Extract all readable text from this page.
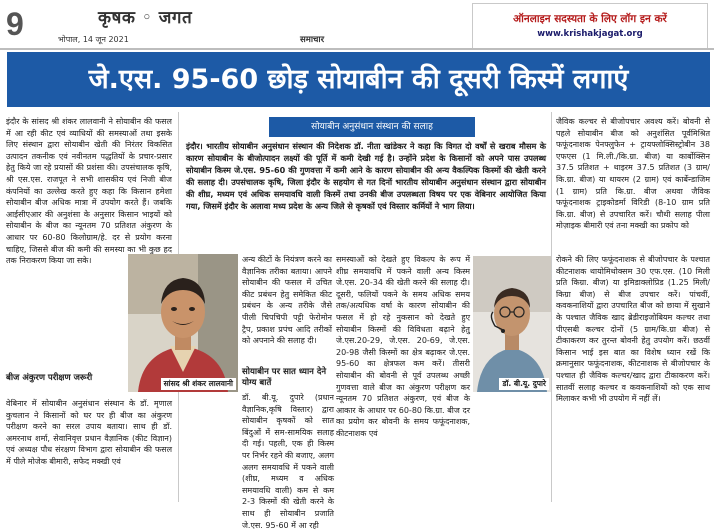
9	कृषक ◦ जगत
भोपाल, 14 जून 2021	समाचार
ऑनलाइन सदस्यता के लिए लॉग इन करें
www.krishakjagat.org
जे.एस. 95-60 छोड़ सोयाबीन की दूसरी किस्में लगाएं
सोयाबीन अनुसंधान संस्थान की सलाह
इंदौर। भारतीय सोयाबीन अनुसंधान संस्थान की निदेशक डॉ. नीता खांडेकर ने कहा कि विगत दो वर्षों से खराब मौसम के कारण सोयाबीन के बीजोत्पादन लक्ष्यों की पूर्ति में कमी देखी गई है। उन्होंने प्रदेश के किसानों को अपने पास उपलब्ध सोयाबीन किस्म जे.एस. 95-60 की गुणवत्ता में कमी आने के कारण सोयाबीन की अन्य वैकल्पिक किस्मों की खेती करने की सलाह दी। उपसंचालक कृषि, जिला इंदौर के सहयोग से गत दिनों भारतीय सोयाबीन अनुसंधान संस्थान द्वारा सोयाबीन की शीघ्र, मध्यम एवं अधिक समयावधि वाली किस्में तथा उनकी बीज उपलब्धता विषय पर एक वेबिनार आयोजित किया गया, जिसमें इंदौर के अलावा मध्य प्रदेश के अन्य जिले से कृषकों एवं विस्तार कर्मियों ने भाग लिया।
इंदौर के सांसद श्री शंकर लालवानी ने सोयाबीन की फसल में आ रही कीट एवं व्याधियों की समस्याओं तथा इसके लिए संस्थान द्वारा सोयाबीन खेती की निरंतर विकसित उत्पादन तकनीक एवं नवीनतम पद्धतियों के प्रचार-प्रसार हेतु किये जा रहे प्रयासों की प्रशंसा की। उपसंचालक कृषि, श्री एस.एस. राजपूत ने सभी शासकीय एवं निजी बीज कंपनियों का उल्लेख करते हुए कहा कि किसान हमेशा सोयाबीन बीज अधिक मात्रा में उपयोग करते हैं। जबकि आईसीएआर की अनुशंसा के अनुसार किसान भाइयों को सोयाबीन के बीज का न्यूनतम 70 प्रतिशत अंकुरण के आधार पर 60-80 किलोग्राम/हे. दर से प्रयोग करना चाहिए, जिससे बीज की कमी की समस्या का भी कुछ हद तक निराकरण किया जा सके।
बीज अंकुरण परीक्षण जरूरी
वेबिनार में सोयाबीन अनुसंधान संस्थान के डॉ. मृणाल कुचलान ने किसानों को घर पर ही बीज का अंकुरण परीक्षण करने का सरल उपाय बताया। साथ ही डॉ. अमरनाथ शर्मा, सेवानिवृत्त प्रधान वैज्ञानिक (कीट विज्ञान) एवं अध्यक्ष पौध संरक्षण विभाग द्वारा सोयाबीन की फसल में पीले मोजेक बीमारी, सफेद मक्खी एवं
सांसद श्री शंकर लालवानी
अन्य कीटों के नियंत्रण करने का वैज्ञानिक तरीका बताया। आपने सोयाबीन की फसल में उचित कीट प्रबंधन हेतु समेकित कीट प्रबंधन के अन्य तरीके जैसे पीली चिपचिपी पट्टी फेरोमोन ट्रैप, प्रकाश प्रपंच आदि तरीकों को अपनाने की सलाह दी।
सोयाबीन पर सात ध्यान देने योग्य बातें
डॉ. बी.यू. दुपारे (प्रधान वैज्ञानिक,कृषि विस्तार) द्वारा सोयाबीन कृषकों को सात बिंदुओं में सम-सामयिक सलाह दी गई। पहली, एक ही किस्म पर निर्भर रहने की बजाए, अलग अलग समयावधि में पकने वाली (शीघ्र, मध्यम व अधिक समयावधि वाली) कम से कम 2-3 किस्मों की खेती करने के साथ ही सोयाबीन प्रजाति जे.एस. 95-60 में आ रही
समस्याओं को देखते हुए विकल्प के रूप में शीघ्र समयावधि में पकने वाली अन्य किस्म जे.एस. 20-34 की खेती करने की सलाह दी। दूसरी, फलियों पकने के समय अधिक समय तक/अत्यधिक वर्षा के कारण सोयाबीन की फसल में हो रहे नुकसान को देखते हुए सोयाबीन किस्मों की विविधता बढ़ाने हेतु जे.एस.20-29, जे.एस. 20-69, जे.एस. 20-98 जैसी किस्मों का क्षेत्र बढ़ाकर जे.एस. 95-60 का क्षेत्रफल कम करें। तीसरी सोयाबीन की बोवनी से पूर्व उपलब्ध अच्छी गुणवत्ता वाले बीज का अंकुरण परीक्षण कर न्यूनतम 70 प्रतिशत अंकुरण, एवं बीज के आकार के आधार पर 60-80 कि.ग्रा. बीज दर का प्रयोग कर बोवनी के समय फफूंदनाशक, कीटनाशक एवं
डॉ. बी.यू. दुपारे
जैविक कल्चर से बीजोपचार अवश्य करें। बोवनी से पहले सोयाबीन बीज को अनुशंसित पूर्वमिश्रित फफूंदनाशक पेनफ्लुफेन + ट्रायफ्लोक्सिस्ट्रोबीन 38 एफएस (1 मि.ली./कि.ग्रा. बीज) या कार्बोक्सिन 37.5 प्रतिशत + थाइरम 37.5 प्रतिशत (3 ग्राम/कि.ग्रा. बीज) या थायरम (2 ग्राम) एवं कार्बेन्डाजिम (1 ग्राम) प्रति कि.ग्रा. बीज अथवा जैविक फफूंदनाशक ट्राइकोडर्मा विरिडी (8-10 ग्राम प्रति कि.ग्रा. बीज) से उपचारित करें। चौथी सलाह पीला मोज़ाइक बीमारी एवं तना मक्खी का प्रकोप को
रोकने की लिए फफूंदनाशक से बीजोपचार के पश्चात कीटनाशक थायोमिथोक्सम 30 एफ.एस. (10 मिली प्रति किग्रा. बीज) या इमिडाक्लोप्रिड (1.25 मिली/किग्रा बीज) से बीज उपचार करें। पांचवीं, कवकनाशियों द्वारा उपचारित बीज को छाया में सुखाने के पश्चात जैविक खाद ब्रेडीराइजोबियम कल्चर तथा पीएसबी कल्चर दोनों (5 ग्राम/कि.ग्रा बीज) से टीकाकरण कर तुरन्त बोवनी हेतु उपयोग करें। छठवीं किसान भाई इस बात का विशेष ध्यान रखें कि क्रमानुसार फफूंदनाशक, कीटनाशक से बीजोपचार के पश्चात ही जैविक कल्चर/खाद द्वारा टीकाकरण करें। सातवीं सलाह कल्चर व कवकनाशियों को एक साथ मिलाकर कभी भी उपयोग में नहीं लें।
